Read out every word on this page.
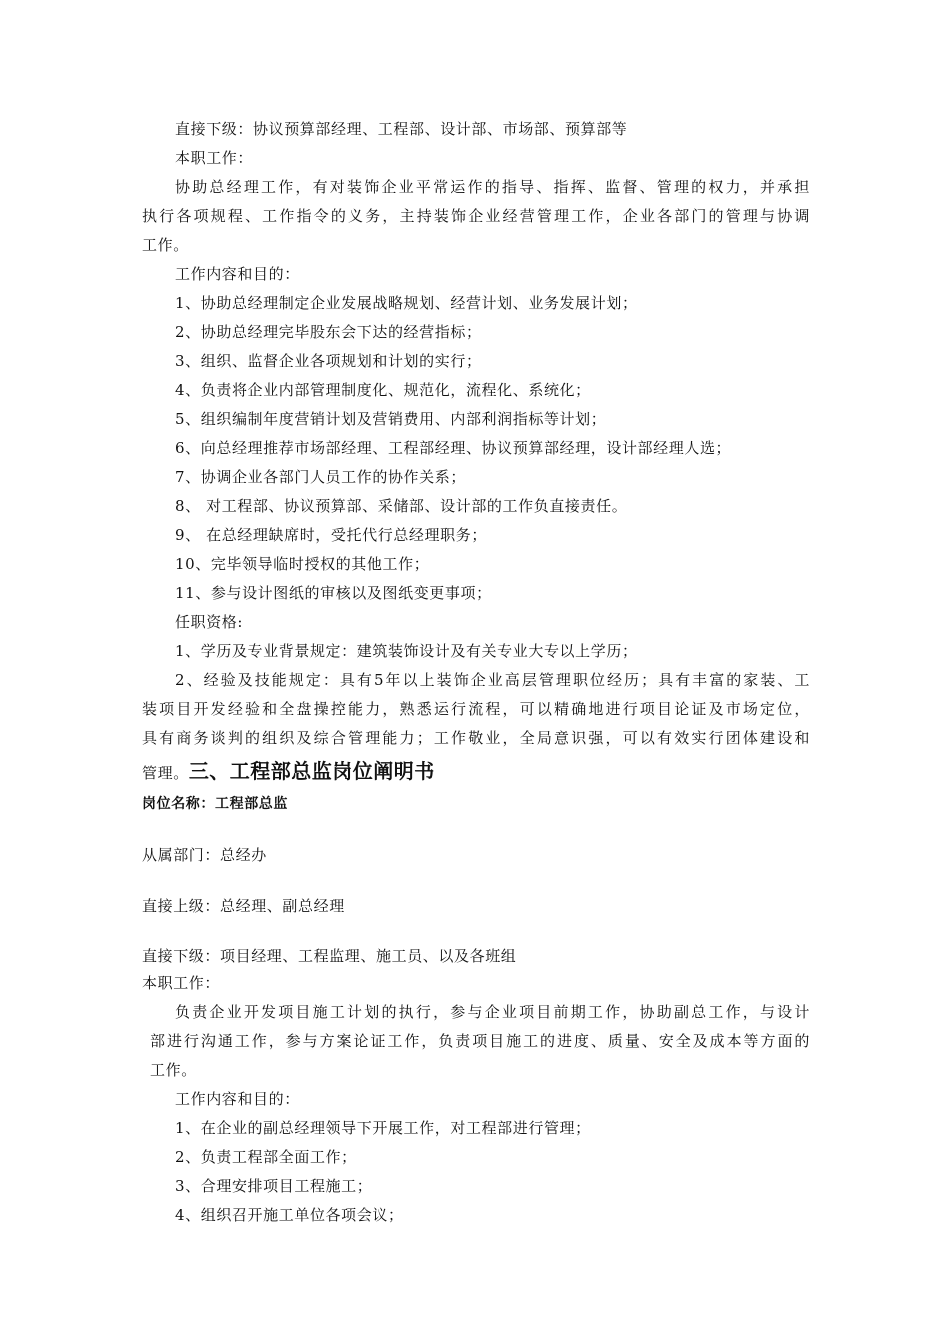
直接下级：协议预算部经理、工程部、设计部、市场部、预算部等
本职工作：
协助总经理工作，有对装饰企业平常运作的指导、指挥、监督、管理的权力，并承担
执行各项规程、工作指令的义务，主持装饰企业经营管理工作，企业各部门的管理与协调
工作。
工作内容和目的：
1、协助总经理制定企业发展战略规划、经营计划、业务发展计划；
2、协助总经理完毕股东会下达的经营指标；
3、组织、监督企业各项规划和计划的实行；
4、负责将企业内部管理制度化、规范化，流程化、系统化；
5、组织编制年度营销计划及营销费用、内部利润指标等计划；
6、向总经理推荐市场部经理、工程部经理、协议预算部经理，设计部经理人选；
7、协调企业各部门人员工作的协作关系；
8、 对工程部、协议预算部、采储部、设计部的工作负直接责任。
9、 在总经理缺席时，受托代行总经理职务；
10、完毕领导临时授权的其他工作；
11、参与设计图纸的审核以及图纸变更事项；
任职资格:
1、学历及专业背景规定：建筑装饰设计及有关专业大专以上学历；
2、经验及技能规定：具有5年以上装饰企业高层管理职位经历；具有丰富的家装、工
装项目开发经验和全盘操控能力，熟悉运行流程，可以精确地进行项目论证及市场定位，
具有商务谈判的组织及综合管理能力；工作敬业，全局意识强，可以有效实行团体建设和
管理。三、工程部总监岗位阐明书
岗位名称：工程部总监
从属部门：总经办
直接上级：总经理、副总经理
直接下级：项目经理、工程监理、施工员、以及各班组
本职工作：
负责企业开发项目施工计划的执行，参与企业项目前期工作，协助副总工作，与设计
部进行沟通工作，参与方案论证工作，负责项目施工的进度、质量、安全及成本等方面的
工作。
工作内容和目的：
1、在企业的副总经理领导下开展工作，对工程部进行管理；
2、负责工程部全面工作；
3、合理安排项目工程施工；
4、组织召开施工单位各项会议；
